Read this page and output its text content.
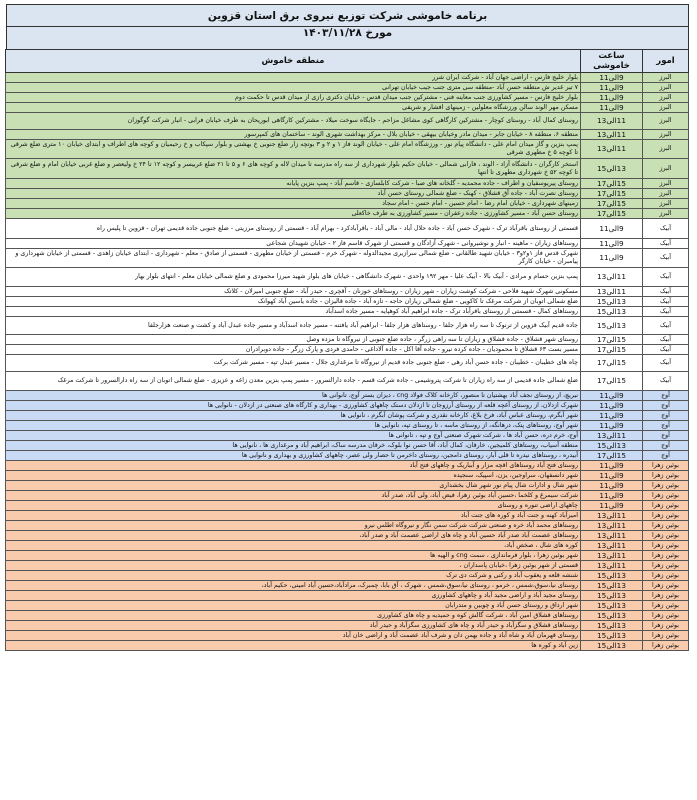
برنامه خاموشی شرکت توزیع نیروی برق استان قزوین
مورخ ۱۴۰۳/۱۱/۲۸
امور	ساعت خاموشی	منطقه خاموش
البرز	9الی11	بلوار خلیج فارس - اراضی جهان آباد - شرکت ایران شرر
البرز	9الی11	۷ تیر غدیر ش منطقه حسن آباد -منطقه سی متری جنب جیب خیابان تهرانی
البرز	9الی11	بلوار خلیج فارس - مسیر کشاورزی جنب معاینه فنی - مشترکین جنب میدان قدس - خیابان دکتری رازی از میدان قدس تا حکمت دوم
البرز	9الی11	مسکن مهر الوند سالن ورزشگاه معلولین - زمینهای افشار و شریفی
البرز	11الی13	روستای کمال آباد - روستای کوچار - مشترکین کارگاهی کوی مشاغل مزاحم - جایگاه سوخت میلاد - مشترکین کارگاهی ابوریحان به طرف خیابان فرابی - انبار شرکت گوگوزان
البرز	11الی13	منطقه ۶، منطقه ۸ - خیابان جابر - میدان مادر وخیابان بیهقی - خیابان بلال - مرکز بهداشت شهری الوند - ساختمان های کمپرسور
البرز	11الی13	پمپ بنزین و گاز میدان امام علی - دانشگاه پیام نور - ورزشگاه امام علی - خیابان الوند فاز ۱ و ۲ و ۳ بوتچه زار ضلع جنوبی خ بهشتی و بلوار سپکاب و خ رحیمیان و کوچه های اطراف و ابتدای خیابان ۱۰ متری ضلع شرقی تا کوچه ۵ خ مطهری شرقی
البرز	13الی15	استخر کارگران - دانشگاه آزاد - الوند ، فارابی شمالی - خیابان حکیم بلوار شهرداری از سه راه مدرسه تا میدان لاله و کوچه های ۶ و ۵ تا ۲۱ ضلع غربیسر و کوچه ۱۲ تا ۲۴ خ ولیعصر و ضلع غربی خیابان امام و ضلع شرقی تا کوچه ۵۲ خ شهرداری مطهری تا انتها
البرز	15الی17	روستای پیریوسفیان و اطراف - جاده محمدیه - گلخانه های صبا - شرکت کابلسازی - قاسم آباد - پمپ بنزین پایانه
البرز	15الی17	روستای نصرت آباد - جاده آق قشلاق - کهنک - ضلع شمالی روستای حسن آباد
البرز	15الی17	زمینهای شهرداری - خیابان امام رضا - امام حسین - امام حسن - امام سجاد
البرز	15الی17	روستای حسن آباد - مسیر کشاورزی - جاده زعفران - مسیر کشاورزی به طرف خاکعلی
آبیک	9الی11	قسمتی از روستای باقرآباد ترک - شهرک حسن آباد - جاده حلال آباد - مالی آباد - باقرآبادکرد - بهرام آباد - قسمتی از روستای مرزیتی - ضلع جنوبی جاده قدیمی تهران - قزوین تا پلیس راه
آبیک	9الی11	روستاهای زیاران - ماهینه - انبار و نوشیروانی - شهرک آزادگان و قسمتی از شهرک قاسم فاز ۲ - خیابان شهیدان شجاعی
آبیک	9الی11	شهرک قدس فاز ۱و۲و۳ - خیابان شهید طالقانی - ضلع شمالی سرازیری مجیدالدوله - شهرک خرم - قسمتی از خیابان مطهری - قسمتی از صادق - معلم - شهرداری - ابتدای خیابان زاهدی - قسمتی از خیابان شهرداری و پیامبران - خیابان کارگر
آبیک	11الی13	پمپ بنزین حسام و مرادی - آبیک بالا - آبیک علیا - مهر ۱۹۲ واحدی - شهرک دانشگاهی - خیابان های بلوار شهید میرزا محمودی و ضلع شمالی خیابان معلم - انتهای بلوار بهار
آبیک	11الی13	مسکونی شهرک شهید فلاحی - شرکت کوشت زیاران - شهر زیاران - روستاهای خوزنان - آقچری - حیدر آباد - ضلع جنوبی امیرلان - کلاتک
آبیک	13الی15	ضلع شمالی اتوبان از شرکت مرغک تا کاکویی - ضلع شمالی زیاران حاجه - تازه آباد - جاده قالیزان - جاده یاسین آباد کهوانک
آبیک	13الی15	روستاهای کمال - قسمتی از روستای باقرآباد ترک - جاده ابراهیم آباد کوهپایه - مسیر جاده اسدآباد
آبیک	13الی15	جاده قدیم آبیک قزوین از ترنوک تا سه راه هزار جلفا - روستاهای هزار جلفا - ابراهیم آباد یافتنه - مسیر جاده اسدآباد و مسیر جاده عبدل آباد و کشت و صنعت هزارجلفا
آبیک	15الی17	روستای شهر قشلاق - جاده قشلاق و زیاران تا سه راهی زرگر ، جاده ضلع جنوبی از نیروگاه تا مزده وصل
آبیک	15الی17	مسیر بست ۶۳ قشلاق تا محمودیان - جاده کرده نیرو - جاده آقا اکل - جاده آلاداغی - حامدی فردی و پارک زرگر - جاده دوبرادران
آبیک	15الی17	چاه های خطیبان - خطیبان - جاده حسن آباد رهی - ضلع جنوبی جاده قدیم از نیروگاه تا مرغداری جلال - مسیر عبدل تپه - مسیر شرکت برکت
آبیک	15الی17	ضلع شمالی جاده قدیمی از سه راه زیاران تا شرکت پتروشیمی - جاده شرکت قسم - جاده دارالسرور - مسیر پمپ بنزین معدن زاغه و عزیزی - ضلع شمالی اتوبان از سه راه دارالسرور تا شرکت مرغک
آوج	9الی11	نیریچ، از روستای نجف آباد بهشتیان تا منصور، کارخانه کلاک فولاد cng ، دیزان بستر آوج، تانوانی ها
آوج	9الی11	شهرک ازدلان، از روستای آغچه قلعه از روستای آرزوجان تا ازدلان دستک چاههای کشاورزی - بهداری و کارگاه های صنعتی در ازدلان - نانوایی ها
آوج	9الی11	شهر آبگرم، روستای عباس آباد، فرخ بلاغ، کارخانه نقدری و شرکت پوشان آبگرم ، نانوایی ها
آوج	9الی11	شهر آوج، روستاهای پتک، درهانگه، از روستای ماسه ، تا روستای تپه، نانوایی ها
آوج	11الی13	آوج، خرم دره، حسن آباد ها ، شرکت شهرک صنعتی آوج و تپه ، تانوانی ها
آوج	13الی15	منطقه آسیاب، روستاهای کلمیجین، خارقان، کمال آباد، آقا حسن نوا بلوک، خرقان مدرسه ساک، ابراهیم آباد و مرغداری ها ، نانوایی ها
آوج	15الی17	آبیدره ، روستاهای نیدره تا قلی آبار، روستای دامجین، روستای داخرمن تا حصار ولی عصر، چاههای کشاورزی و بهداری و نانوایی ها
بوئین زهرا	9الی11	روستای فتح آباد روستاهای اقچه مزار و آبباریک و چاههای فتح آباد
بوئین زهرا	9الی11	شهر دانسفهان، سراوجین، یزن، اسپیک، سنجیده
بوئین زهرا	9الی11	شهر شال و ادارات شال پیام نور شهر شال بخشداری
بوئین زهرا	9الی11	شرکت سیمرغ و کلخما ،حسین آباد بوئین زهرا، فیض آباد، ولی آباد، صدر آباد
بوئین زهرا	9الی11	چاههای اراضی تنوره و روستای
بوئین زهرا	11الی13	امیرآباد کهنه و جنت آباد و کوره های جنت آباد
بوئین زهرا	11الی13	روستاهای محمد آباد خره و صنعتی شرکت شرکت سمن نگار و نیروگاه اطلس نیرو
بوئین زهرا	11الی13	روستاهای عصمت آباد صدر آباد حسین آباد و چاه های اراضی عصمت آباد و صدر آباد،
بوئین زهرا	11الی13	کوره های شال ، صخص آباد،
بوئین زهرا	11الی13	شهر بوئین زهرا ، بلوار فرماندازی ، سمت cng و الهیه ها
بوئین زهرا	11الی13	قسمتی از شهر بوئین زهرا ،خیابان پاسداران ،
بوئین زهرا	13الی15	شنشه قلعه و یعقوب آباد و رکنی و شرکت دی ترک
بوئین زهرا	13الی15	روستای نیا،سوق،شمس ، خرمو ، روستای نیا،سوق،شمس ، شهرک ، آق بابا، چمبرک، مرادآباد،حسین آباد امینی، حکیم آباد،
بوئین زهرا	13الی15	روستای مجید آباد و اراضی مجید آباد و چاههای کشاورزی
بوئین زهرا	13الی15	شهر ارداق و روستای حسن آباد و چوبین و متدرابان
بوئین زهرا	13الی15	روستاهای قشلاق امین آباد ، شرکت گالش کوه و حمیدیه و چاه های کشاورزی
بوئین زهرا	13الی15	روستاهای قشلاق و سگزآباد و حیدر آباد و چاه های کشاورزی سگزآباد و حیدر آباد
بوئین زهرا	13الی15	روستای قهرمان آباد و شاه آباد و جاده بهمن دان و شرف آباد عصمت آباد و اراضی خان آباد
بوئین زهرا	13الی15	زین آباد و کوره ها
